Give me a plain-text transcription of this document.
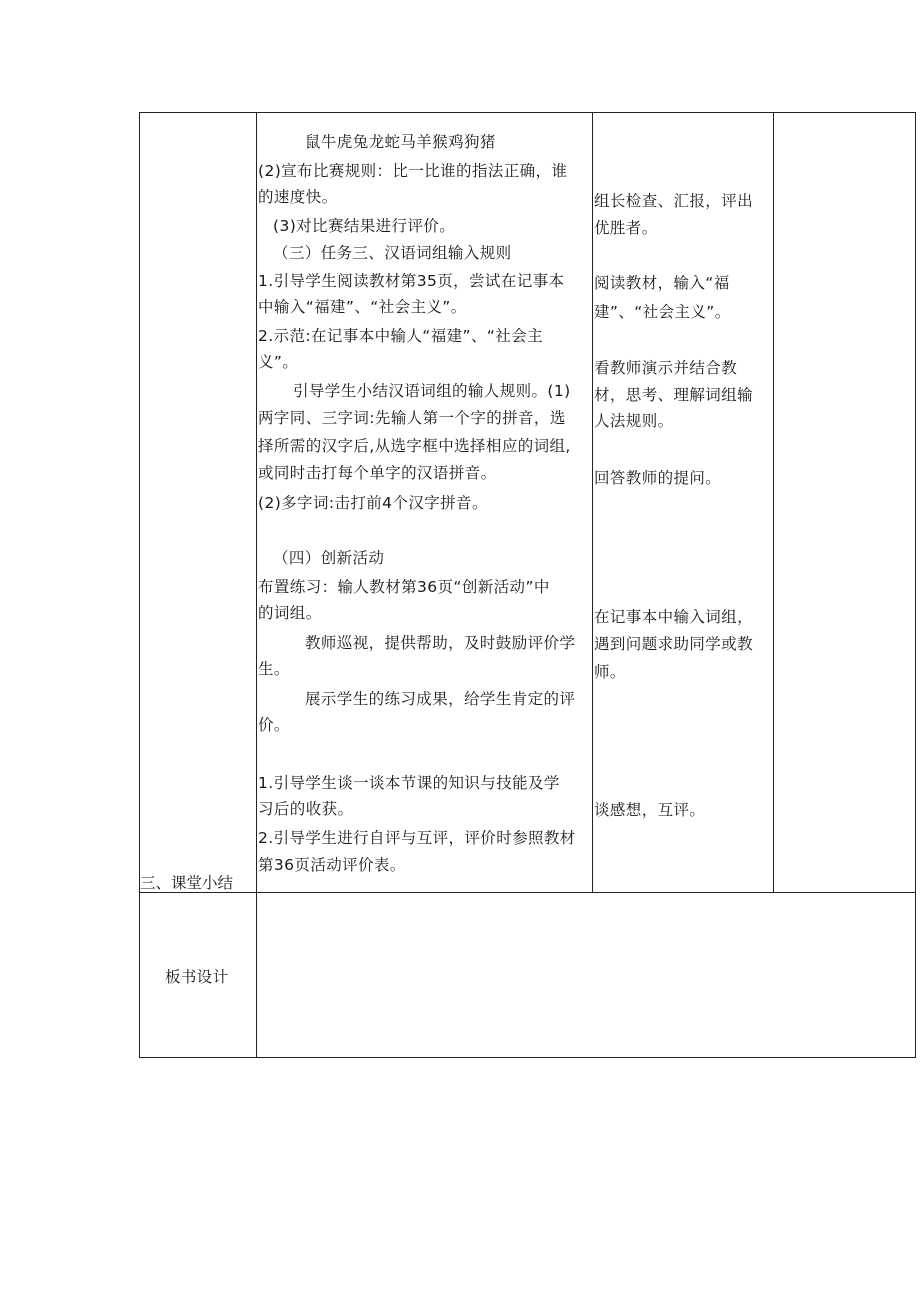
三、课堂小结
鼠牛虎兔龙蛇马羊猴鸡狗猪
(2)宣布比赛规则：比一比谁的指法正确，谁
的速度快。
(3)对比赛结果进行评价。
（三）任务三、汉语词组输入规则
1.引导学生阅读教材第35页，尝试在记事本
中输入“福建”、“社会主义”。
2.示范:在记事本中输人“福建”、“社会主
义”。
引导学生小结汉语词组的输人规则。(1)
两字同、三字词:先输人第一个字的拼音，选
择所需的汉字后,从选字框中选择相应的词组,
或同时击打每个单字的汉语拼音。
(2)多字词:击打前4个汉字拼音。
（四）创新活动
布置练习：输人教材第36页“创新活动”中
的词组。
教师巡视，提供帮助，及时鼓励评价学
生。
展示学生的练习成果，给学生肯定的评
价。
1.引导学生谈一谈本节课的知识与技能及学
习后的收获。
2.引导学生进行自评与互评，评价时参照教材
第36页活动评价表。
组长检查、汇报，评出
优胜者。
阅读教材，输入“福
建”、“社会主义”。
看教师演示并结合教
材，思考、理解词组输
人法规则。
回答教师的提问。
在记事本中输入词组，
遇到问题求助同学或教
师。
谈感想，互评。
板书设计
